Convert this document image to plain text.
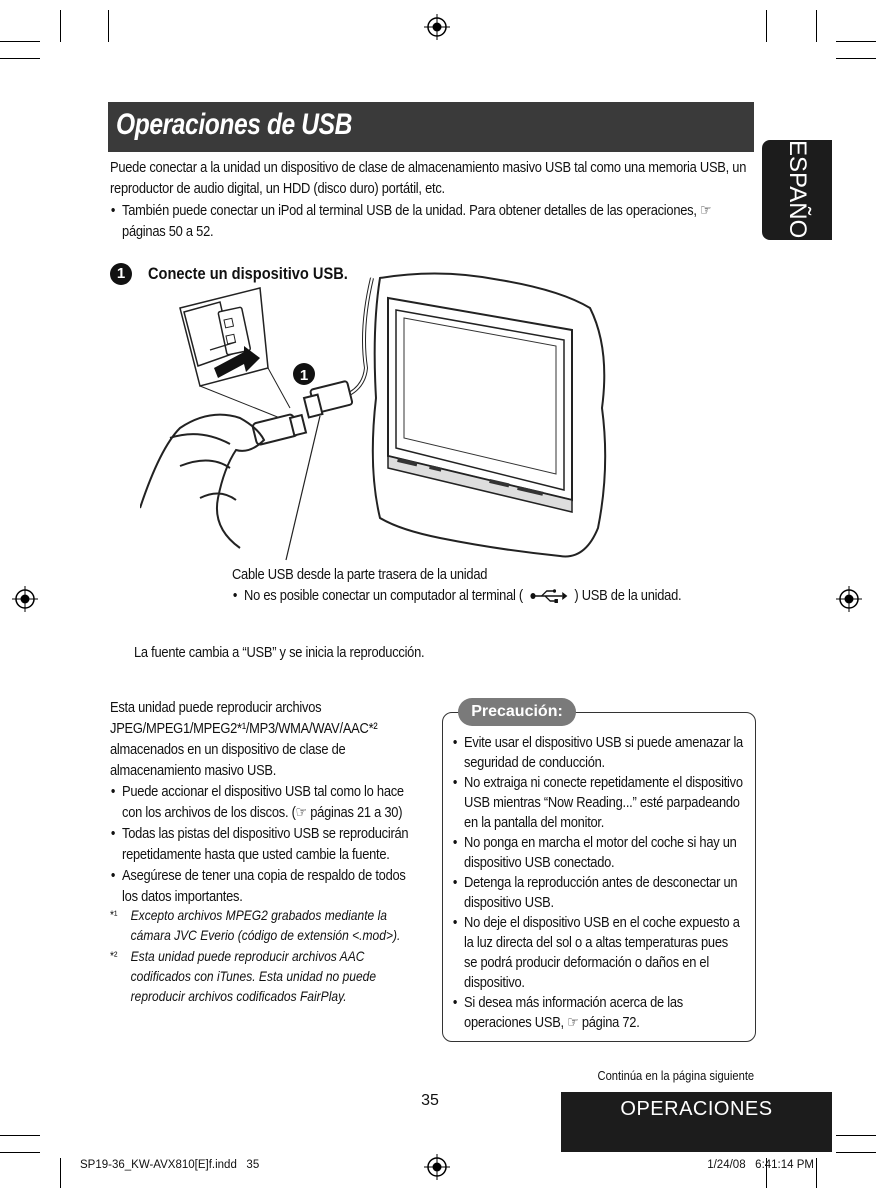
Operaciones de USB
ESPAÑOL
Puede conectar a la unidad un dispositivo de clase de almacenamiento masivo USB tal como una memoria USB, un reproductor de audio digital, un HDD (disco duro) portátil, etc.
• También puede conectar un iPod al terminal USB de la unidad. Para obtener detalles de las operaciones, ☞ páginas 50 a 52.
1	Conecte un dispositivo USB.
1
Cable USB desde la parte trasera de la unidad
• No es posible conectar un computador al terminal (	) USB de la unidad.
La fuente cambia a “USB” y se inicia la reproducción.
Esta unidad puede reproducir archivos JPEG/MPEG1/MPEG2*¹/MP3/WMA/WAV/AAC*² almacenados en un dispositivo de clase de almacenamiento masivo USB.
• Puede accionar el dispositivo USB tal como lo hace con los archivos de los discos. (☞ páginas 21 a 30)
• Todas las pistas del dispositivo USB se reproducirán repetidamente hasta que usted cambie la fuente.
• Asegúrese de tener una copia de respaldo de todos los datos importantes.
*¹ Excepto archivos MPEG2 grabados mediante la cámara JVC Everio (código de extensión <.mod>).
*² Esta unidad puede reproducir archivos AAC codificados con iTunes. Esta unidad no puede reproducir archivos codificados FairPlay.
Precaución:
• Evite usar el dispositivo USB si puede amenazar la seguridad de conducción.
• No extraiga ni conecte repetidamente el dispositivo USB mientras “Now Reading...” esté parpadeando en la pantalla del monitor.
• No ponga en marcha el motor del coche si hay un dispositivo USB conectado.
• Detenga la reproducción antes de desconectar un dispositivo USB.
• No deje el dispositivo USB en el coche expuesto a la luz directa del sol o a altas temperaturas pues se podrá producir deformación o daños en el dispositivo.
• Si desea más información acerca de las operaciones USB, ☞ página 72.
Continúa en la página siguiente
35	OPERACIONES
SP19-36_KW-AVX810[E]f.indd   35	1/24/08   6:41:14 PM
